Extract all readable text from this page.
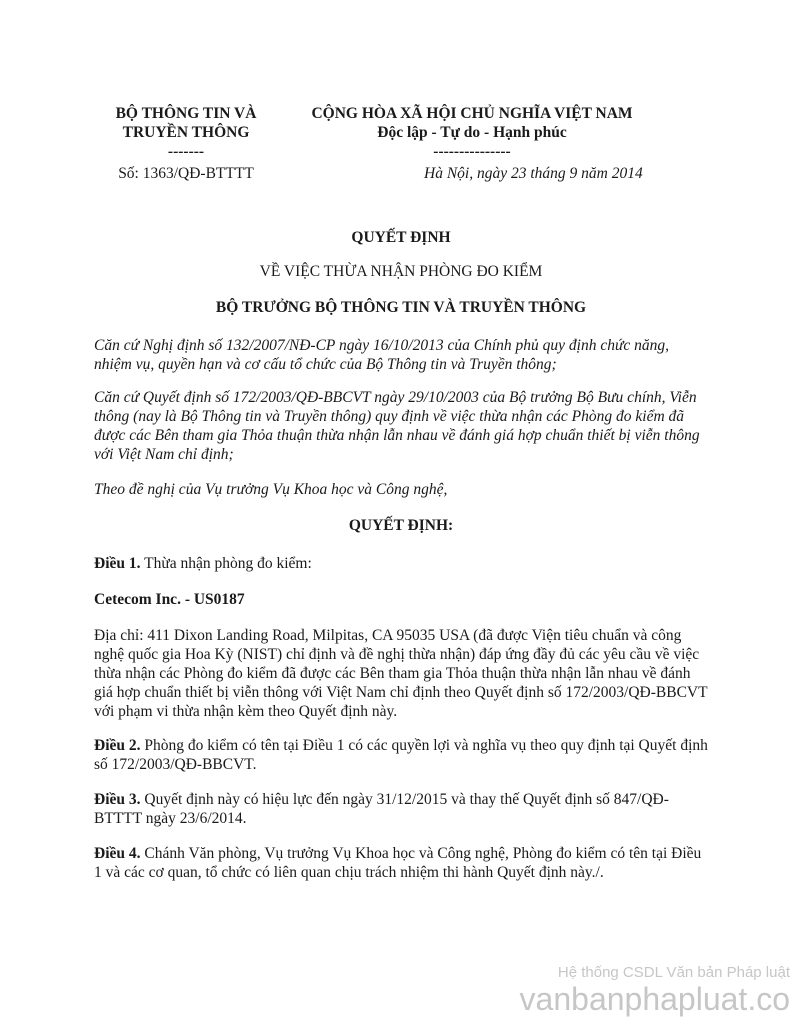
BỘ THÔNG TIN VÀ
TRUYỀN THÔNG
-------
Số: 1363/QĐ-BTTTT
CỘNG HÒA XÃ HỘI CHỦ NGHĨA VIỆT NAM
Độc lập - Tự do - Hạnh phúc
---------------
Hà Nội, ngày 23 tháng 9 năm 2014
QUYẾT ĐỊNH
VỀ VIỆC THỪA NHẬN PHÒNG ĐO KIỂM
BỘ TRƯỞNG BỘ THÔNG TIN VÀ TRUYỀN THÔNG
Căn cứ Nghị định số 132/2007/NĐ-CP ngày 16/10/2013 của Chính phủ quy định chức năng, nhiệm vụ, quyền hạn và cơ cấu tổ chức của Bộ Thông tin và Truyền thông;
Căn cứ Quyết định số 172/2003/QĐ-BBCVT ngày 29/10/2003 của Bộ trưởng Bộ Bưu chính, Viễn thông (nay là Bộ Thông tin và Truyền thông) quy định về việc thừa nhận các Phòng đo kiểm đã được các Bên tham gia Thỏa thuận thừa nhận lẫn nhau về đánh giá hợp chuẩn thiết bị viễn thông với Việt Nam chỉ định;
Theo đề nghị của Vụ trưởng Vụ Khoa học và Công nghệ,
QUYẾT ĐỊNH:
Điều 1. Thừa nhận phòng đo kiểm:
Cetecom Inc. - US0187
Địa chỉ: 411 Dixon Landing Road, Milpitas, CA 95035 USA (đã được Viện tiêu chuẩn và công nghệ quốc gia Hoa Kỳ (NIST) chỉ định và đề nghị thừa nhận) đáp ứng đầy đủ các yêu cầu về việc thừa nhận các Phòng đo kiểm đã được các Bên tham gia Thỏa thuận thừa nhận lẫn nhau về đánh giá hợp chuẩn thiết bị viễn thông với Việt Nam chỉ định theo Quyết định số 172/2003/QĐ-BBCVT với phạm vi thừa nhận kèm theo Quyết định này.
Điều 2. Phòng đo kiểm có tên tại Điều 1 có các quyền lợi và nghĩa vụ theo quy định tại Quyết định số 172/2003/QĐ-BBCVT.
Điều 3. Quyết định này có hiệu lực đến ngày 31/12/2015 và thay thế Quyết định số 847/QĐ-BTTTT ngày 23/6/2014.
Điều 4. Chánh Văn phòng, Vụ trưởng Vụ Khoa học và Công nghệ, Phòng đo kiểm có tên tại Điều 1 và các cơ quan, tổ chức có liên quan chịu trách nhiệm thi hành Quyết định này./.
Hệ thống CSDL Văn bản Pháp luật
vanbanphapluat.co
